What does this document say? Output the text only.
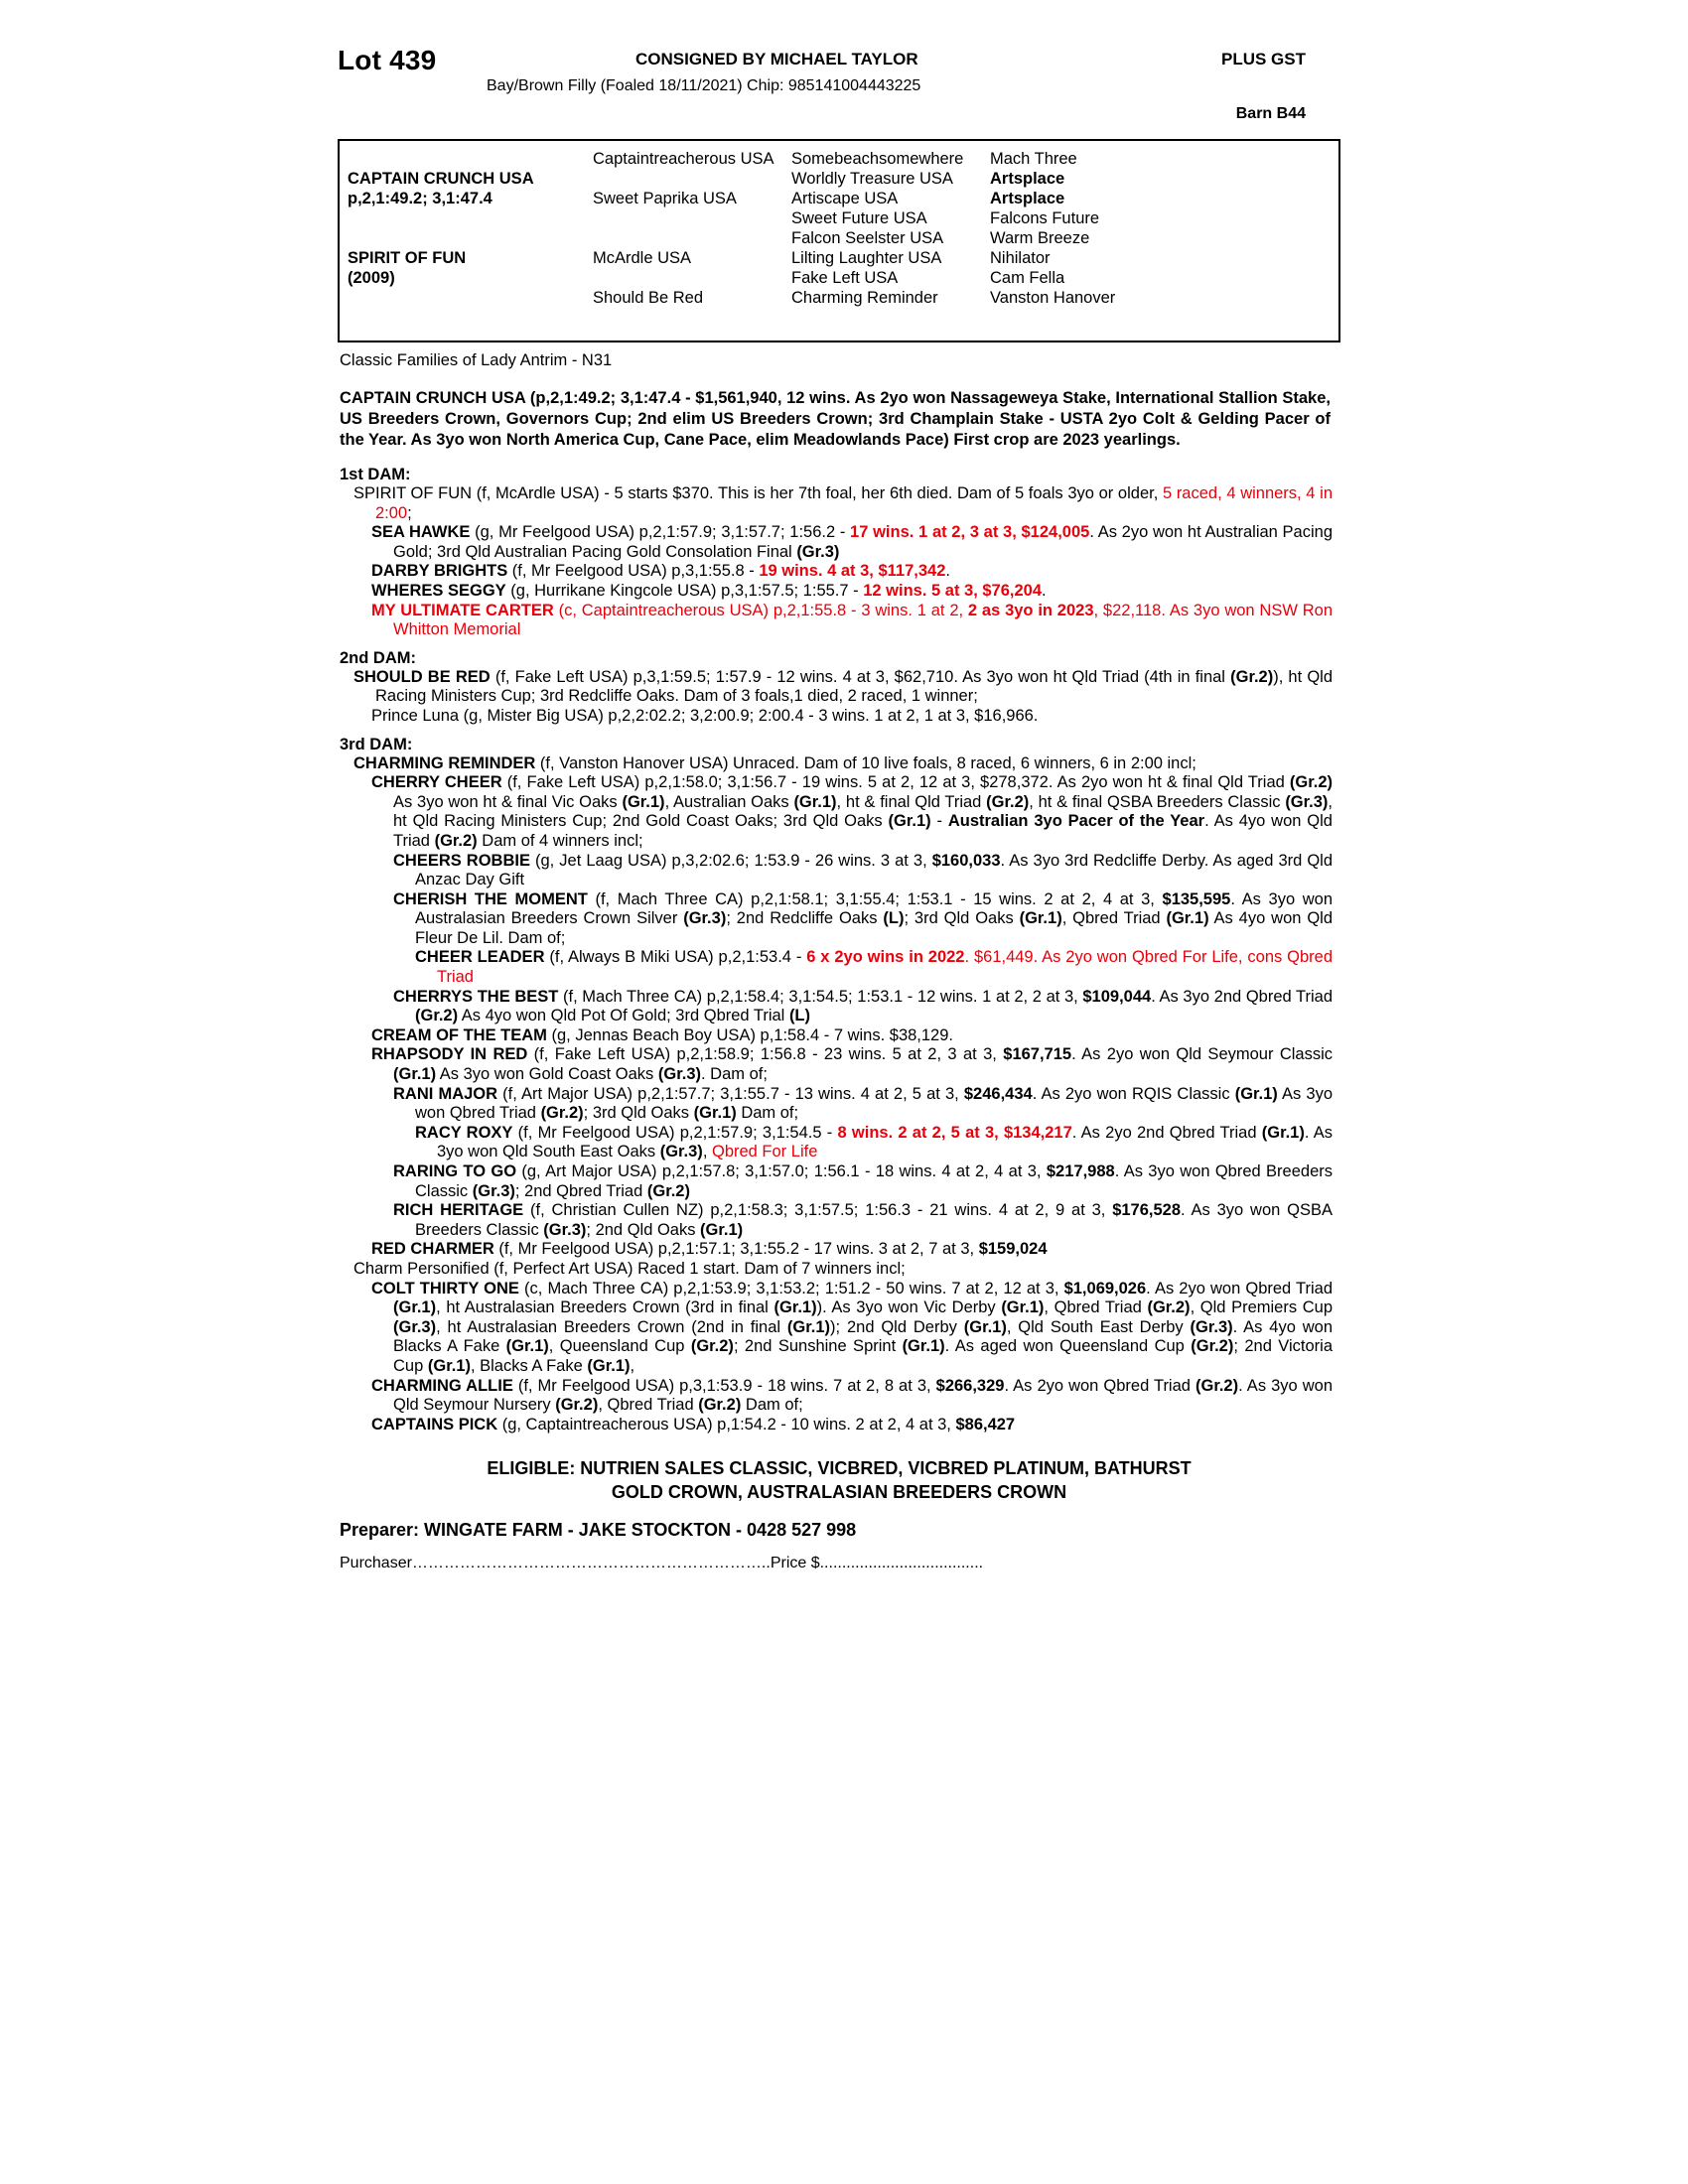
Lot 439	CONSIGNED BY MICHAEL TAYLOR	PLUS GST
Bay/Brown Filly (Foaled 18/11/2021) Chip: 985141004443225
Barn B44
CAPTAIN CRUNCH USA
p,2,1:49.2; 3,1:47.4
SPIRIT OF FUN
(2009)
Captaintreacherous USA
Sweet Paprika USA
McArdle USA
Should Be Red
Somebeachsomewhere
Worldly Treasure USA
Artiscape USA
Sweet Future USA
Falcon Seelster USA
Lilting Laughter USA
Fake Left USA
Charming Reminder
Mach Three
Artsplace
Artsplace
Falcons Future
Warm Breeze
Nihilator
Cam Fella
Vanston Hanover
Classic Families of Lady Antrim - N31
CAPTAIN CRUNCH USA (p,2,1:49.2; 3,1:47.4 - $1,561,940, 12 wins. As 2yo won Nassageweya Stake, International Stallion Stake, US Breeders Crown, Governors Cup; 2nd elim US Breeders Crown; 3rd Champlain Stake - USTA 2yo Colt & Gelding Pacer of the Year. As 3yo won North America Cup, Cane Pace, elim Meadowlands Pace) First crop are 2023 yearlings.
1st DAM:

SPIRIT OF FUN (f, McArdle USA) - 5 starts $370. This is her 7th foal, her 6th died. Dam of 5 foals 3yo or older, 5 raced, 4 winners, 4 in 2:00;

SEA HAWKE (g, Mr Feelgood USA) p,2,1:57.9; 3,1:57.7; 1:56.2 - 17 wins. 1 at 2, 3 at 3, $124,005. As 2yo won ht Australian Pacing Gold; 3rd Qld Australian Pacing Gold Consolation Final (Gr.3)

DARBY BRIGHTS (f, Mr Feelgood USA) p,3,1:55.8 - 19 wins. 4 at 3, $117,342.

WHERES SEGGY (g, Hurrikane Kingcole USA) p,3,1:57.5; 1:55.7 - 12 wins. 5 at 3, $76,204.

MY ULTIMATE CARTER (c, Captaintreacherous USA) p,2,1:55.8 - 3 wins. 1 at 2, 2 as 3yo in 2023, $22,118. As 3yo won NSW Ron Whitton Memorial

2nd DAM:

SHOULD BE RED (f, Fake Left USA) p,3,1:59.5; 1:57.9 - 12 wins. 4 at 3, $62,710. As 3yo won ht Qld Triad (4th in final (Gr.2)), ht Qld Racing Ministers Cup; 3rd Redcliffe Oaks. Dam of 3 foals,1 died, 2 raced, 1 winner;

Prince Luna (g, Mister Big USA) p,2,2:02.2; 3,2:00.9; 2:00.4 - 3 wins. 1 at 2, 1 at 3, $16,966.

3rd DAM:

CHARMING REMINDER (f, Vanston Hanover USA) Unraced. Dam of 10 live foals, 8 raced, 6 winners, 6 in 2:00 incl;

CHERRY CHEER (f, Fake Left USA) p,2,1:58.0; 3,1:56.7 - 19 wins. 5 at 2, 12 at 3, $278,372. As 2yo won ht & final Qld Triad (Gr.2) As 3yo won ht & final Vic Oaks (Gr.1), Australian Oaks (Gr.1), ht & final Qld Triad (Gr.2), ht & final QSBA Breeders Classic (Gr.3), ht Qld Racing Ministers Cup; 2nd Gold Coast Oaks; 3rd Qld Oaks (Gr.1) - Australian 3yo Pacer of the Year. As 4yo won Qld Triad (Gr.2) Dam of 4 winners incl;

CHEERS ROBBIE (g, Jet Laag USA) p,3,2:02.6; 1:53.9 - 26 wins. 3 at 3, $160,033. As 3yo 3rd Redcliffe Derby. As aged 3rd Qld Anzac Day Gift

CHERISH THE MOMENT (f, Mach Three CA) p,2,1:58.1; 3,1:55.4; 1:53.1 - 15 wins. 2 at 2, 4 at 3, $135,595. As 3yo won Australasian Breeders Crown Silver (Gr.3); 2nd Redcliffe Oaks (L); 3rd Qld Oaks (Gr.1), Qbred Triad (Gr.1) As 4yo won Qld Fleur De Lil. Dam of;

CHEER LEADER (f, Always B Miki USA) p,2,1:53.4 - 6 x 2yo wins in 2022. $61,449. As 2yo won Qbred For Life, cons Qbred Triad

CHERRYS THE BEST (f, Mach Three CA) p,2,1:58.4; 3,1:54.5; 1:53.1 - 12 wins. 1 at 2, 2 at 3, $109,044. As 3yo 2nd Qbred Triad (Gr.2) As 4yo won Qld Pot Of Gold; 3rd Qbred Trial (L)

CREAM OF THE TEAM (g, Jennas Beach Boy USA) p,1:58.4 - 7 wins. $38,129.

RHAPSODY IN RED (f, Fake Left USA) p,2,1:58.9; 1:56.8 - 23 wins. 5 at 2, 3 at 3, $167,715. As 2yo won Qld Seymour Classic (Gr.1) As 3yo won Gold Coast Oaks (Gr.3). Dam of;

RANI MAJOR (f, Art Major USA) p,2,1:57.7; 3,1:55.7 - 13 wins. 4 at 2, 5 at 3, $246,434. As 2yo won RQIS Classic (Gr.1) As 3yo won Qbred Triad (Gr.2); 3rd Qld Oaks (Gr.1) Dam of;

RACY ROXY (f, Mr Feelgood USA) p,2,1:57.9; 3,1:54.5 - 8 wins. 2 at 2, 5 at 3, $134,217. As 2yo 2nd Qbred Triad (Gr.1). As 3yo won Qld South East Oaks (Gr.3), Qbred For Life

RARING TO GO (g, Art Major USA) p,2,1:57.8; 3,1:57.0; 1:56.1 - 18 wins. 4 at 2, 4 at 3, $217,988. As 3yo won Qbred Breeders Classic (Gr.3); 2nd Qbred Triad (Gr.2)

RICH HERITAGE (f, Christian Cullen NZ) p,2,1:58.3; 3,1:57.5; 1:56.3 - 21 wins. 4 at 2, 9 at 3, $176,528. As 3yo won QSBA Breeders Classic (Gr.3); 2nd Qld Oaks (Gr.1)

RED CHARMER (f, Mr Feelgood USA) p,2,1:57.1; 3,1:55.2 - 17 wins. 3 at 2, 7 at 3, $159,024

Charm Personified (f, Perfect Art USA) Raced 1 start. Dam of 7 winners incl;

COLT THIRTY ONE (c, Mach Three CA) p,2,1:53.9; 3,1:53.2; 1:51.2 - 50 wins. 7 at 2, 12 at 3, $1,069,026. As 2yo won Qbred Triad (Gr.1), ht Australasian Breeders Crown (3rd in final (Gr.1)). As 3yo won Vic Derby (Gr.1), Qbred Triad (Gr.2), Qld Premiers Cup (Gr.3), ht Australasian Breeders Crown (2nd in final (Gr.1)); 2nd Qld Derby (Gr.1), Qld South East Derby (Gr.3). As 4yo won Blacks A Fake (Gr.1), Queensland Cup (Gr.2); 2nd Sunshine Sprint (Gr.1). As aged won Queensland Cup (Gr.2); 2nd Victoria Cup (Gr.1), Blacks A Fake (Gr.1),

CHARMING ALLIE (f, Mr Feelgood USA) p,3,1:53.9 - 18 wins. 7 at 2, 8 at 3, $266,329. As 2yo won Qbred Triad (Gr.2). As 3yo won Qld Seymour Nursery (Gr.2), Qbred Triad (Gr.2) Dam of;

CAPTAINS PICK (g, Captaintreacherous USA) p,1:54.2 - 10 wins. 2 at 2, 4 at 3, $86,427

ELIGIBLE: NUTRIEN SALES CLASSIC, VICBRED, VICBRED PLATINUM, BATHURST
GOLD CROWN, AUSTRALASIAN BREEDERS CROWN
Preparer: WINGATE FARM - JAKE STOCKTON - 0428 527 998
Purchaser…………………………………………………………..Price $.....................................
